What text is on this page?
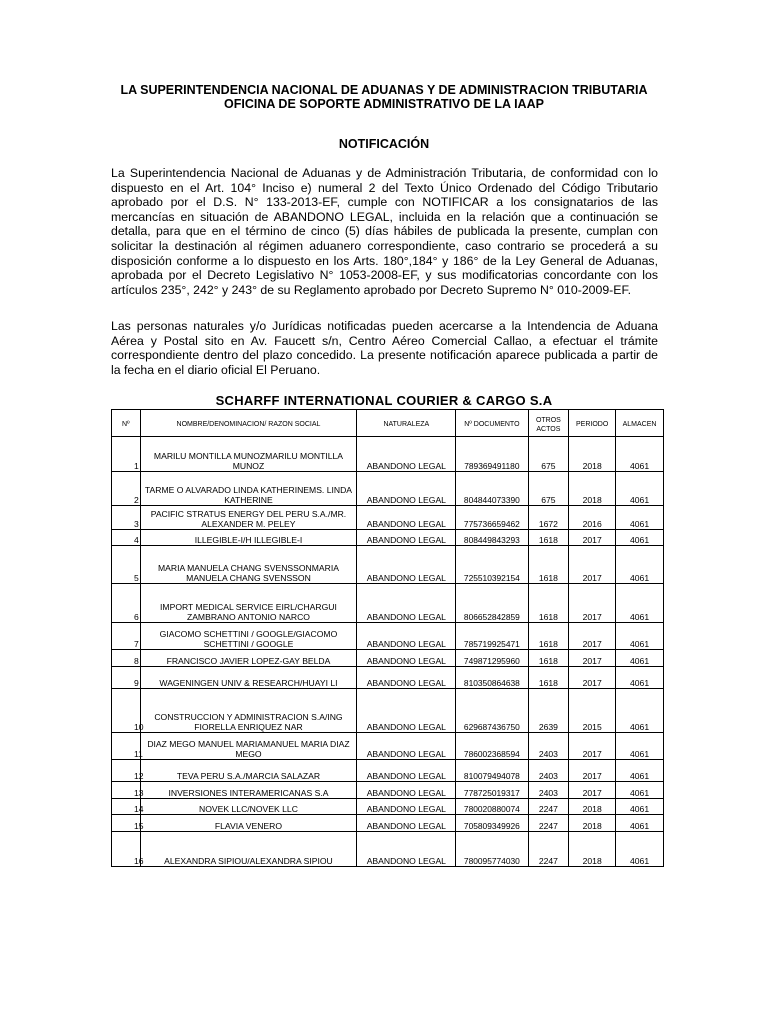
LA SUPERINTENDENCIA NACIONAL DE ADUANAS Y DE ADMINISTRACION TRIBUTARIA
OFICINA DE SOPORTE ADMINISTRATIVO DE LA IAAP
NOTIFICACIÓN

La Superintendencia Nacional de Aduanas y de Administración Tributaria, de conformidad con lo dispuesto en el Art. 104° Inciso e) numeral 2 del Texto Único Ordenado del Código Tributario aprobado por el D.S. N° 133-2013-EF, cumple con NOTIFICAR a los consignatarios de las mercancías en situación de ABANDONO LEGAL, incluida en la relación que a continuación se detalla, para que en el término de cinco (5) días hábiles de publicada la presente, cumplan con solicitar la destinación al régimen aduanero correspondiente, caso contrario se procederá a su disposición conforme a lo dispuesto en los Arts. 180°,184° y 186° de la Ley General de Aduanas, aprobada por el Decreto Legislativo N° 1053-2008-EF, y sus modificatorias concordante con los artículos 235°, 242° y 243° de su Reglamento aprobado por Decreto Supremo N° 010-2009-EF.

Las personas naturales y/o Jurídicas notificadas pueden acercarse a la Intendencia de Aduana Aérea y Postal sito en Av. Faucett s/n, Centro Aéreo Comercial Callao, a efectuar el trámite correspondiente dentro del plazo concedido. La presente notificación aparece publicada a partir de la fecha en el diario oficial El Peruano.

SCHARFF INTERNATIONAL COURIER & CARGO S.A
Nº	NOMBRE/DENOMINACION/ RAZON SOCIAL	NATURALEZA	Nº DOCUMENTO	OTROS ACTOS	PERIODO	ALMACEN
1	MARILU MONTILLA MUNOZMARILU MONTILLA MUNOZ	ABANDONO LEGAL	789369491180	675	2018	4061
2	TARME O ALVARADO LINDA KATHERINEMS. LINDA KATHERINE	ABANDONO LEGAL	804844073390	675	2018	4061
3	PACIFIC STRATUS ENERGY DEL PERU S.A./MR. ALEXANDER M. PELEY	ABANDONO LEGAL	775736659462	1672	2016	4061
4	ILLEGIBLE-I/H ILLEGIBLE-I	ABANDONO LEGAL	808449843293	1618	2017	4061
5	MARIA MANUELA CHANG SVENSSONMARIA MANUELA CHANG SVENSSON	ABANDONO LEGAL	725510392154	1618	2017	4061
6	IMPORT MEDICAL SERVICE EIRL/CHARGUI ZAMBRANO ANTONIO NARCO	ABANDONO LEGAL	806652842859	1618	2017	4061
7	GIACOMO SCHETTINI / GOOGLE/GIACOMO SCHETTINI / GOOGLE	ABANDONO LEGAL	785719925471	1618	2017	4061
8	FRANCISCO JAVIER LOPEZ-GAY BELDA	ABANDONO LEGAL	749871295960	1618	2017	4061
9	WAGENINGEN UNIV & RESEARCH/HUAYI LI	ABANDONO LEGAL	810350864638	1618	2017	4061
10	CONSTRUCCION Y ADMINISTRACION S.A/ING FIORELLA ENRIQUEZ NAR	ABANDONO LEGAL	629687436750	2639	2015	4061
11	DIAZ MEGO MANUEL MARIAMANUEL MARIA DIAZ MEGO	ABANDONO LEGAL	786002368594	2403	2017	4061
12	TEVA PERU S.A./MARCIA SALAZAR	ABANDONO LEGAL	810079494078	2403	2017	4061
13	INVERSIONES INTERAMERICANAS S.A	ABANDONO LEGAL	778725019317	2403	2017	4061
14	NOVEK LLC/NOVEK LLC	ABANDONO LEGAL	780020880074	2247	2018	4061
15	FLAVIA VENERO	ABANDONO LEGAL	705809349926	2247	2018	4061
16	ALEXANDRA SIPIOU/ALEXANDRA SIPIOU	ABANDONO LEGAL	780095774030	2247	2018	4061
